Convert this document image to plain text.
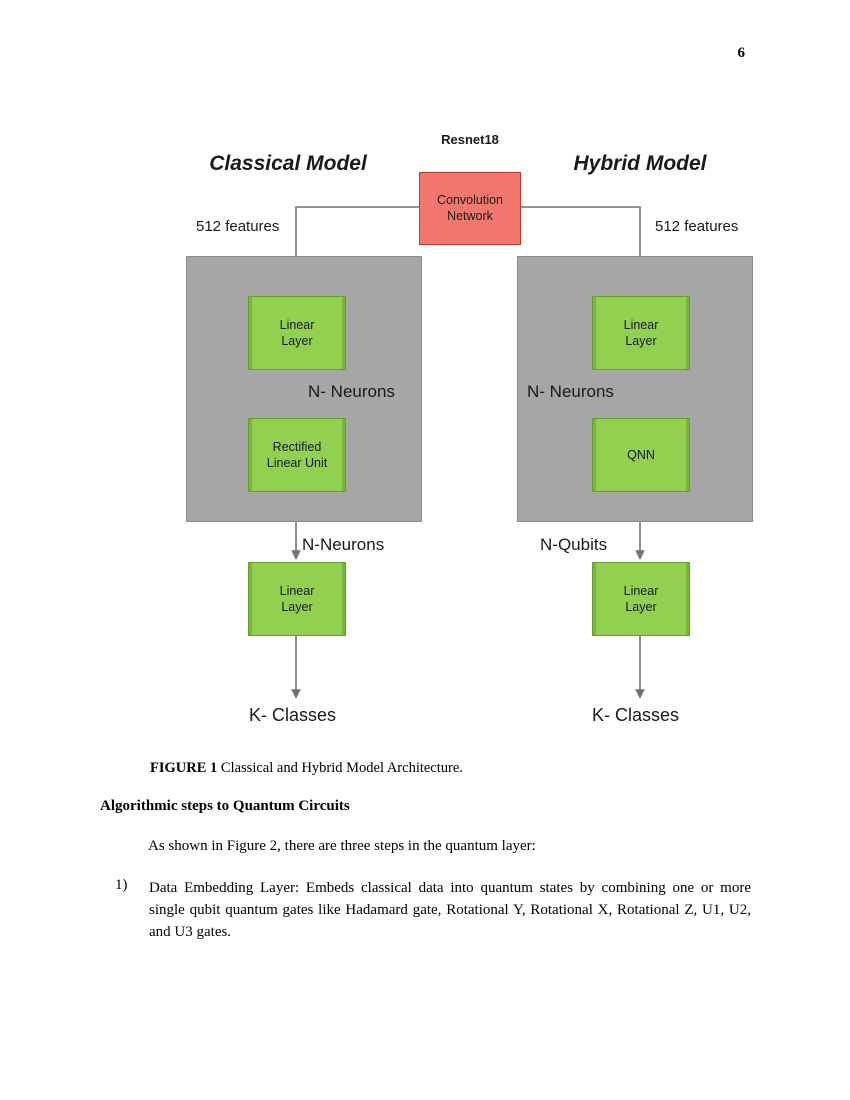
6
Resnet18
Classical Model	Hybrid Model
Convolution
Network
512 features	512 features
Linear
Layer
Rectified
Linear Unit
Linear
Layer
Linear
Layer
QNN
Linear
Layer
N- Neurons	N- Neurons
N-Neurons	N-Qubits
K- Classes	K- Classes
FIGURE 1 Classical and Hybrid Model Architecture.
Algorithmic steps to Quantum Circuits
As shown in Figure 2, there are three steps in the quantum layer:
1)	Data Embedding Layer: Embeds classical data into quantum states by combining one or more single qubit quantum gates like Hadamard gate, Rotational Y, Rotational X, Rotational Z, U1, U2, and U3 gates.
